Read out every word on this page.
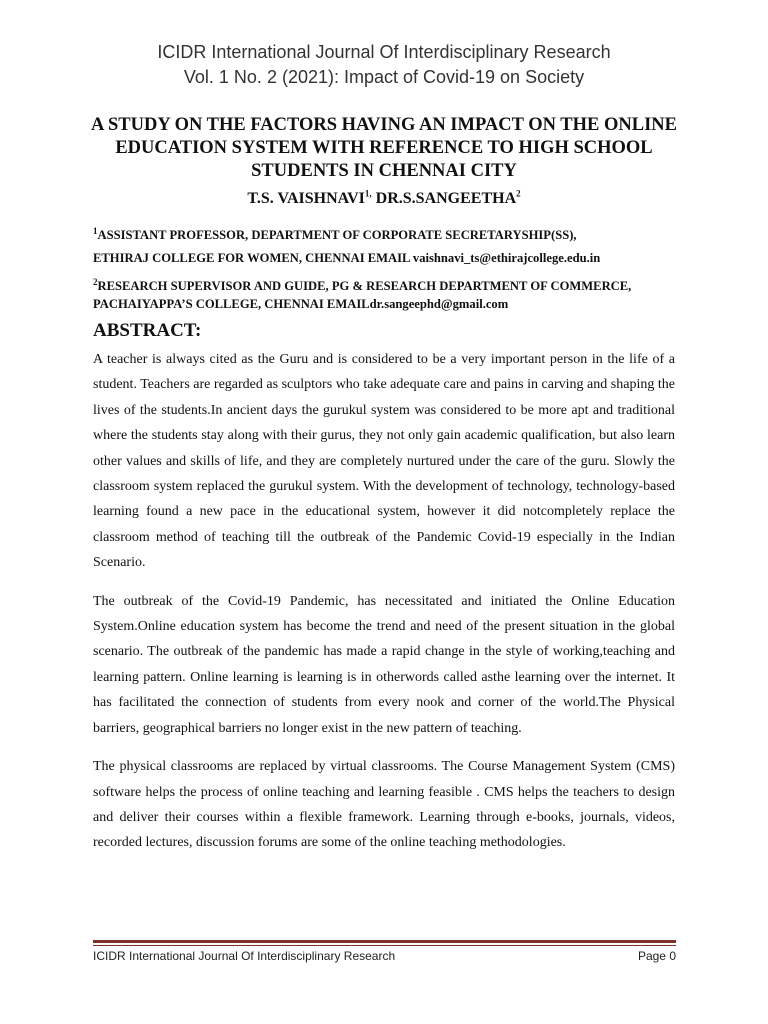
ICIDR International Journal Of Interdisciplinary Research
Vol. 1 No. 2 (2021): Impact of Covid-19 on Society
A STUDY ON THE FACTORS HAVING AN IMPACT ON THE ONLINE EDUCATION SYSTEM WITH REFERENCE TO HIGH SCHOOL STUDENTS IN CHENNAI CITY
T.S. $VAISHNAVI^{1,}$ DR.S.SANGEETHA$^2$
$^1$ASSISTANT PROFESSOR, DEPARTMENT OF CORPORATE SECRETARYSHIP(SS),
ETHIRAJ COLLEGE FOR WOMEN, CHENNAI EMAIL vaishnavi_ts@ethirajcollege.edu.in
$^2$RESEARCH SUPERVISOR AND GUIDE, PG & RESEARCH DEPARTMENT OF COMMERCE, PACHAIYAPPA’S COLLEGE, CHENNAI EMAILdr.sangeephd@gmail.com
ABSTRACT:

A teacher is always cited as the Guru and is considered to be a very important person in the life of a student. Teachers are regarded as sculptors who take adequate care and pains in carving and shaping the lives of the students.In ancient days the gurukul system was considered to be more apt and traditional where the students stay along with their gurus, they not only gain academic qualification, but also learn other values and skills of life, and they are completely nurtured under the care of the guru. Slowly the classroom system replaced the gurukul system. With the development of technology, technology-based learning found a new pace in the educational system, however it did notcompletely replace the classroom method of teaching till the outbreak of the Pandemic Covid-19 especially in the Indian Scenario.

The outbreak of the Covid-19 Pandemic, has necessitated and initiated the Online Education System.Online education system has become the trend and need of the present situation in the global scenario. The outbreak of the pandemic has made a rapid change in the style of working,teaching and learning pattern. Online learning is learning is in otherwords called asthe learning over the internet. It has facilitated the connection of students from every nook and corner of the world.The Physical barriers, geographical barriers no longer exist in the new pattern of teaching.

The physical classrooms are replaced by virtual classrooms. The Course Management System (CMS) software helps the process of online teaching and learning feasible . CMS helps the teachers to design and deliver their courses within a flexible framework. Learning through e-books, journals, videos, recorded lectures, discussion forums are some of the online teaching methodologies.

ICIDR International Journal Of Interdisciplinary Research	Page 0
